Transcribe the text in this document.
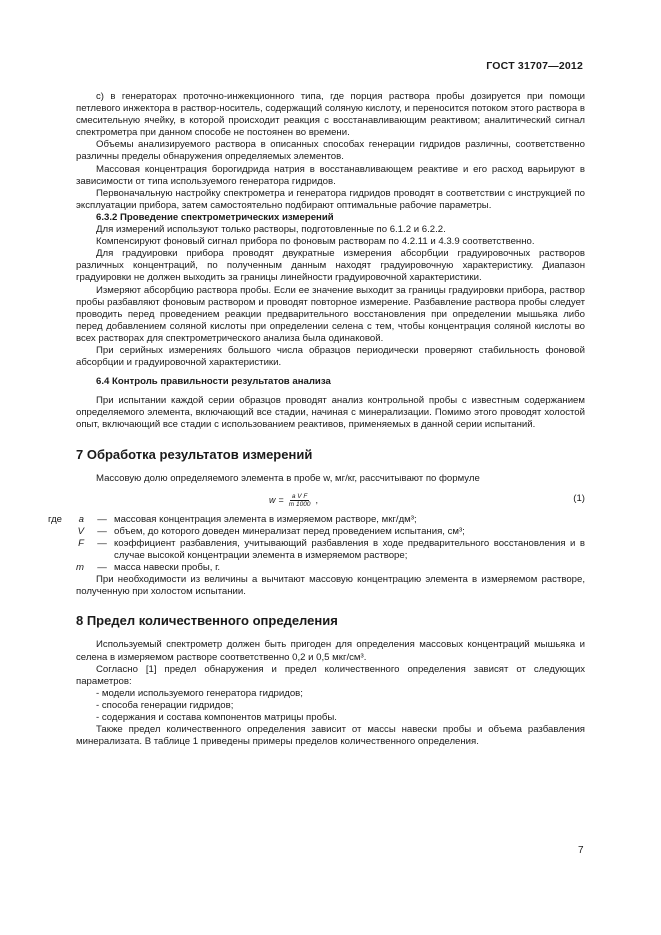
ГОСТ 31707—2012

с) в генераторах проточно-инжекционного типа, где порция раствора пробы дозируется при помощи петлевого инжектора в раствор-носитель, содержащий соляную кислоту, и переносится потоком этого раствора в смесительную ячейку, в которой происходит реакция с восстанавливающим реактивом; аналитический сигнал спектрометра при данном способе не постоянен во времени.

Объемы анализируемого раствора в описанных способах генерации гидридов различны, соответственно различны пределы обнаружения определяемых элементов.

Массовая концентрация борогидрида натрия в восстанавливающем реактиве и его расход варьируют в зависимости от типа используемого генератора гидридов.

Первоначальную настройку спектрометра и генератора гидридов проводят в соответствии с инструкцией по эксплуатации прибора, затем самостоятельно подбирают оптимальные рабочие параметры.

6.3.2 Проведение спектрометрических измерений

Для измерений используют только растворы, подготовленные по 6.1.2 и 6.2.2.

Компенсируют фоновый сигнал прибора по фоновым растворам по 4.2.11 и 4.3.9 соответственно.

Для градуировки прибора проводят двукратные измерения абсорбции градуировочных растворов различных концентраций, по полученным данным находят градуировочную характеристику. Диапазон градуировки не должен выходить за границы линейности градуировочной характеристики.

Измеряют абсорбцию раствора пробы. Если ее значение выходит за границы градуировки прибора, раствор пробы разбавляют фоновым раствором и проводят повторное измерение. Разбавление раствора пробы следует проводить перед проведением реакции предварительного восстановления при определении мышьяка либо перед добавлением соляной кислоты при определении селена с тем, чтобы концентрация соляной кислоты во всех растворах для спектрометрического анализа была одинаковой.

При серийных измерениях большого числа образцов периодически проверяют стабильность фоновой абсорбции и градуировочной характеристики.

6.4 Контроль правильности результатов анализа

При испытании каждой серии образцов проводят анализ контрольной пробы с известным содержанием определяемого элемента, включающий все стадии, начиная с минерализации. Помимо этого проводят холостой опыт, включающий все стадии с использованием реактивов, применяемых в данной серии испытаний.

7 Обработка результатов измерений

Массовую долю определяемого элемента в пробе w, мг/кг, рассчитывают по формуле

$w = \frac{\text{a V F}}{m 1000}$ ,	(1)
где	a	—	массовая концентрация элемента в измеряемом растворе, мкг/дм³;
	V	—	объем, до которого доведен минерализат перед проведением испытания, см³;
	F	—	коэффициент разбавления, учитывающий разбавления в ходе предварительного восстановления и в случае высокой концентрации элемента в измеряемом растворе;
	m	—	масса навески пробы, г.

При необходимости из величины a вычитают массовую концентрацию элемента в измеряемом растворе, полученную при холостом испытании.

8 Предел количественного определения

Используемый спектрометр должен быть пригоден для определения массовых концентраций мышьяка и селена в измеряемом растворе соответственно 0,2 и 0,5 мкг/см³.

Согласно [1] предел обнаружения и предел количественного определения зависят от следующих параметров:

- модели используемого генератора гидридов;

- способа генерации гидридов;

- содержания и состава компонентов матрицы пробы.

Также предел количественного определения зависит от массы навески пробы и объема разбавления минерализата. В таблице 1 приведены примеры пределов количественного определения.

7
